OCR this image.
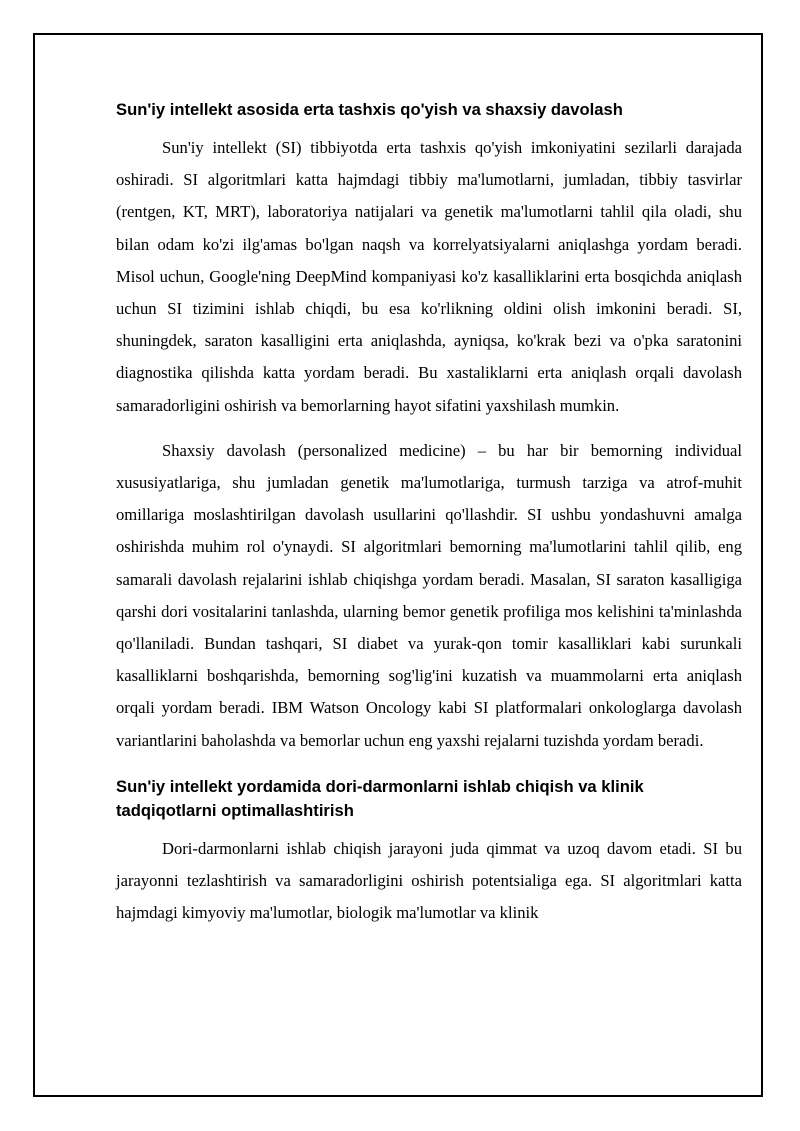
Sun'iy intellekt asosida erta tashxis qo'yish va shaxsiy davolash

Sun'iy intellekt (SI) tibbiyotda erta tashxis qo'yish imkoniyatini sezilarli darajada oshiradi. SI algoritmlari katta hajmdagi tibbiy ma'lumotlarni, jumladan, tibbiy tasvirlar (rentgen, KT, MRT), laboratoriya natijalari va genetik ma'lumotlarni tahlil qila oladi, shu bilan odam ko'zi ilg'amas bo'lgan naqsh va korrelyatsiyalarni aniqlashga yordam beradi. Misol uchun, Google'ning DeepMind kompaniyasi ko'z kasalliklarini erta bosqichda aniqlash uchun SI tizimini ishlab chiqdi, bu esa ko'rlikning oldini olish imkonini beradi. SI, shuningdek, saraton kasalligini erta aniqlashda, ayniqsa, ko'krak bezi va o'pka saratonini diagnostika qilishda katta yordam beradi. Bu xastaliklarni erta aniqlash orqali davolash samaradorligini oshirish va bemorlarning hayot sifatini yaxshilash mumkin.

Shaxsiy davolash (personalized medicine) – bu har bir bemorning individual xususiyatlariga, shu jumladan genetik ma'lumotlariga, turmush tarziga va atrof-muhit omillariga moslashtirilgan davolash usullarini qo'llashdir. SI ushbu yondashuvni amalga oshirishda muhim rol o'ynaydi. SI algoritmlari bemorning ma'lumotlarini tahlil qilib, eng samarali davolash rejalarini ishlab chiqishga yordam beradi. Masalan, SI saraton kasalligiga qarshi dori vositalarini tanlashda, ularning bemor genetik profiliga mos kelishini ta'minlashda qo'llaniladi. Bundan tashqari, SI diabet va yurak-qon tomir kasalliklari kabi surunkali kasalliklarni boshqarishda, bemorning sog'lig'ini kuzatish va muammolarni erta aniqlash orqali yordam beradi. IBM Watson Oncology kabi SI platformalari onkologlarga davolash variantlarini baholashda va bemorlar uchun eng yaxshi rejalarni tuzishda yordam beradi.

Sun'iy intellekt yordamida dori-darmonlarni ishlab chiqish va klinik tadqiqotlarni optimallashtirish

Dori-darmonlarni ishlab chiqish jarayoni juda qimmat va uzoq davom etadi. SI bu jarayonni tezlashtirish va samaradorligini oshirish potentsialiga ega. SI algoritmlari katta hajmdagi kimyoviy ma'lumotlar, biologik ma'lumotlar va klinik
